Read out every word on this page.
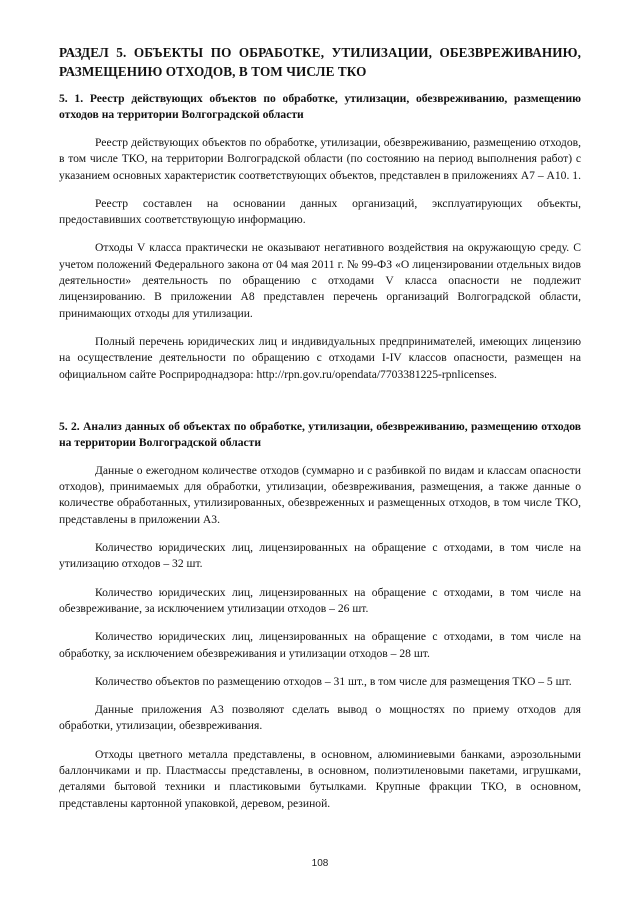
РАЗДЕЛ 5. ОБЪЕКТЫ ПО ОБРАБОТКЕ, УТИЛИЗАЦИИ, ОБЕЗВРЕЖИВАНИЮ, РАЗМЕЩЕНИЮ ОТХОДОВ, В ТОМ ЧИСЛЕ ТКО
5. 1. Реестр действующих объектов по обработке, утилизации, обезвреживанию, размещению отходов на территории Волгоградской области

Реестр действующих объектов по обработке, утилизации, обезвреживанию, размещению отходов, в том числе ТКО, на территории Волгоградской области (по состоянию на период выполнения работ) с указанием основных характеристик соответствующих объектов, представлен в приложениях А7 – А10. 1.

Реестр составлен на основании данных организаций, эксплуатирующих объекты, предоставивших соответствующую информацию.

Отходы V класса практически не оказывают негативного воздействия на окружающую среду. С учетом положений Федерального закона от 04 мая 2011 г. № 99-ФЗ «О лицензировании отдельных видов деятельности» деятельность по обращению с отходами V класса опасности не подлежит лицензированию. В приложении А8 представлен перечень организаций Волгоградской области, принимающих отходы для утилизации.

Полный перечень юридических лиц и индивидуальных предпринимателей, имеющих лицензию на осуществление деятельности по обращению с отходами I-IV классов опасности, размещен на официальном сайте Росприроднадзора: http://rpn.gov.ru/opendata/7703381225-rpnlicenses.

5. 2. Анализ данных об объектах по обработке, утилизации, обезвреживанию, размещению отходов на территории Волгоградской области

Данные о ежегодном количестве отходов (суммарно и с разбивкой по видам и классам опасности отходов), принимаемых для обработки, утилизации, обезвреживания, размещения, а также данные о количестве обработанных, утилизированных, обезвреженных и размещенных отходов, в том числе ТКО, представлены в приложении А3.

Количество юридических лиц, лицензированных на обращение с отходами, в том числе на утилизацию отходов – 32 шт.

Количество юридических лиц, лицензированных на обращение с отходами, в том числе на обезвреживание, за исключением утилизации отходов – 26 шт.

Количество юридических лиц, лицензированных на обращение с отходами, в том числе на обработку, за исключением обезвреживания и утилизации отходов – 28 шт.

Количество объектов по размещению отходов – 31 шт., в том числе для размещения ТКО – 5 шт.

Данные приложения А3 позволяют сделать вывод о мощностях по приему отходов для обработки, утилизации, обезвреживания.

Отходы цветного металла представлены, в основном, алюминиевыми банками, аэрозольными баллончиками и пр. Пластмассы представлены, в основном, полиэтиленовыми пакетами, игрушками, деталями бытовой техники и пластиковыми бутылками. Крупные фракции ТКО, в основном, представлены картонной упаковкой, деревом, резиной.

108
